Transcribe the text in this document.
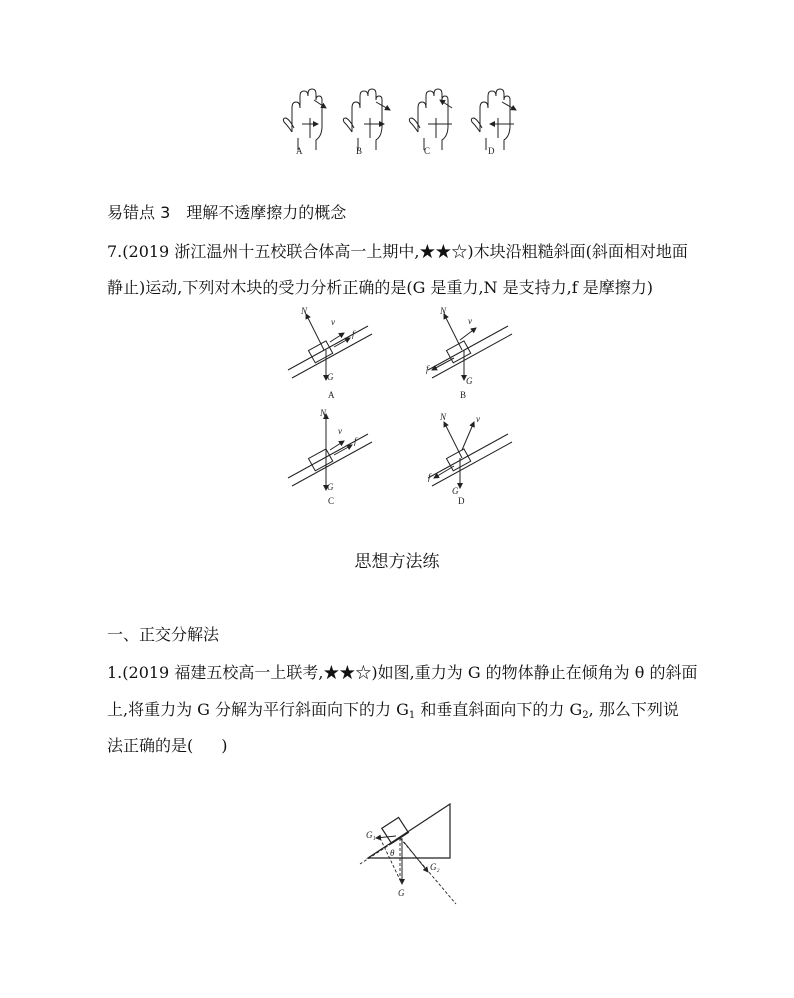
A	B	C	D
易错点 3　理解不透摩擦力的概念
7.(2019 浙江温州十五校联合体高一上期中,★★☆)木块沿粗糙斜面(斜面相对地面
静止)运动,下列对木块的受力分析正确的是(G 是重力,N 是支持力,f 是摩擦力)
N
v
f
G
A
N
v
f
G
B
N
v
f
G
C
N	v
f
G
D
思想方法练
一、正交分解法
1.(2019 福建五校高一上联考,★★☆)如图,重力为 G 的物体静止在倾角为 θ 的斜面
上,将重力为 G 分解为平行斜面向下的力 $G_1$ 和垂直斜面向下的力 $G_2$, 那么下列说
法正确的是( )
G₁
θ
G₂
G
